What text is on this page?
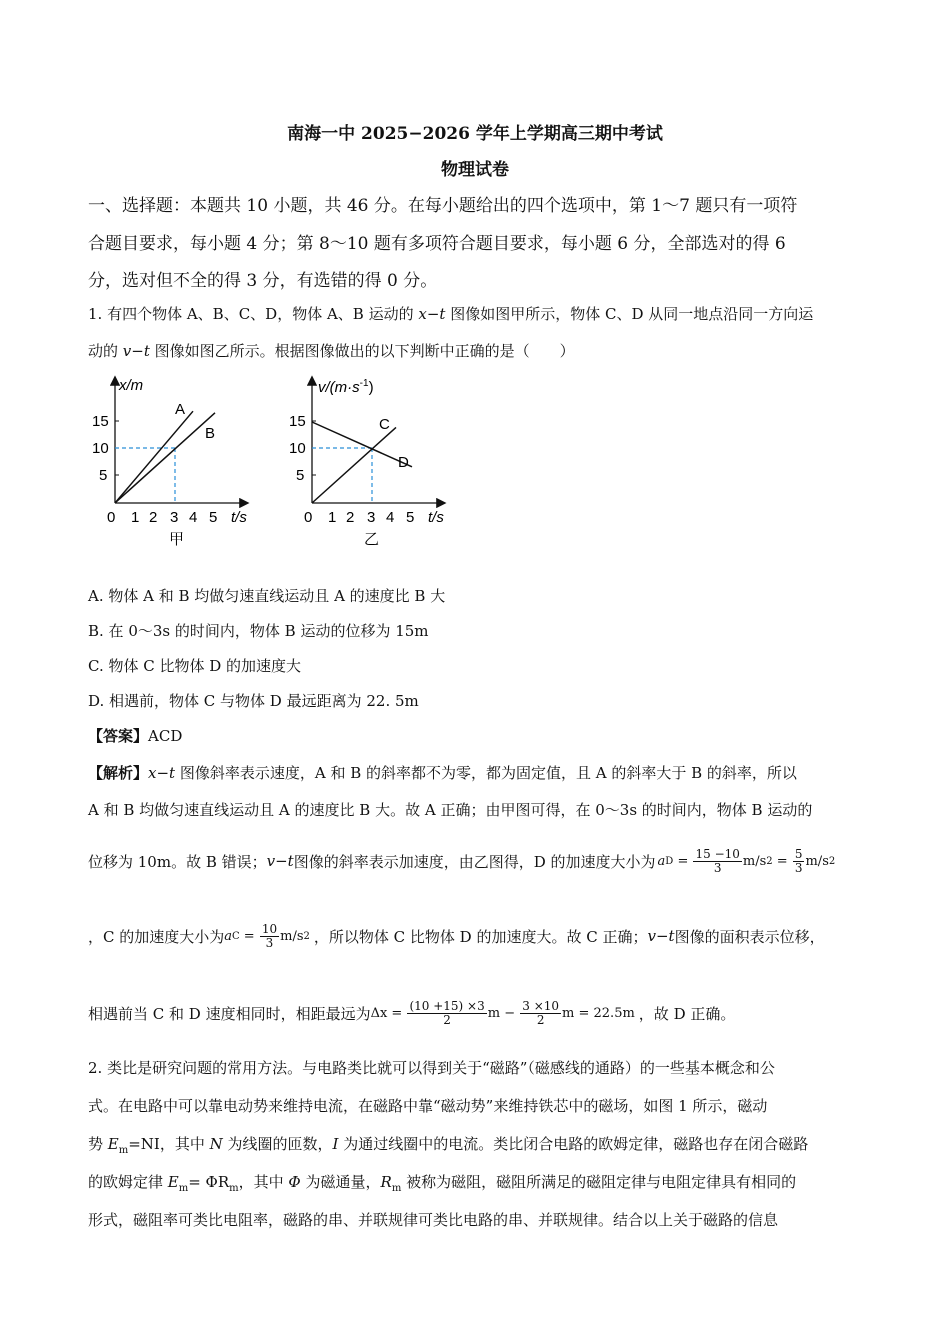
南海一中 2025−2026 学年上学期高三期中考试
物理试卷
一、选择题：本题共 10 小题，共 46 分。在每小题给出的四个选项中，第 1～7 题只有一项符
合题目要求，每小题 4 分；第 8～10 题有多项符合题目要求，每小题 6 分，全部选对的得 6
分，选对但不全的得 3 分，有选错的得 0 分。
1. 有四个物体 A、B、C、D，物体 A、B 运动的 x−t 图像如图甲所示，物体 C、D 从同一地点沿同一方向运
动的 v−t 图像如图乙所示。根据图像做出的以下判断中正确的是（　　）
A
B
x/m
t/s
15
10
5
0 1 2 3 4 5
甲
C
D
$v/(m\cdot s^{-1})$
t/s
15
10
5
0 1 2 3 4 5
乙
A. 物体 A 和 B 均做匀速直线运动且 A 的速度比 B 大
B. 在 0～3s 的时间内，物体 B 运动的位移为 15m
C. 物体 C 比物体 D 的加速度大
D. 相遇前，物体 C 与物体 D 最远距离为 22. 5m
【答案】ACD
【解析】x−t 图像斜率表示速度，A 和 B 的斜率都不为零，都为固定值，且 A 的斜率大于 B 的斜率，所以
A 和 B 均做匀速直线运动且 A 的速度比 B 大。故 A 正确；由甲图可得，在 0～3s 的时间内，物体 B 运动的
位移为 10m。故 B 错误； v−t 图像的斜率表示加速度，由乙图得，D 的加速度大小为 a $D = \frac{15 -10}{3} m/s$ $2 = \frac{5}{3} m/s$ 2
，C 的加速度大小为 a $C = \frac{10}{3} m/s$ 2 ，所以物体 C 比物体 D 的加速度大。故 C 正确； v−t 图像的面积表示位移，
相遇前当 C 和 D 速度相同时，相距最远为 Δx =
$\frac{(10 +15) \times 3}{2}$ m −
$\frac{3 \times 10}{2}$ m = 22.5m ，故 D 正确。
2. 类比是研究问题的常用方法。与电路类比就可以得到关于“磁路”（磁感线的通路）的一些基本概念和公
式。在电路中可以靠电动势来维持电流，在磁路中靠“磁动势”来维持铁芯中的磁场，如图 1 所示，磁动
势 $E_m=NI$，其中 N 为线圈的匝数，I 为通过线圈中的电流。类比闭合电路的欧姆定律，磁路也存在闭合磁路
的欧姆定律 $E_m= \Phi R_m$，其中 Φ 为磁通量，$R_m$ 被称为磁阻，磁阻所满足的磁阻定律与电阻定律具有相同的
形式，磁阻率可类比电阻率，磁路的串、并联规律可类比电路的串、并联规律。结合以上关于磁路的信息
